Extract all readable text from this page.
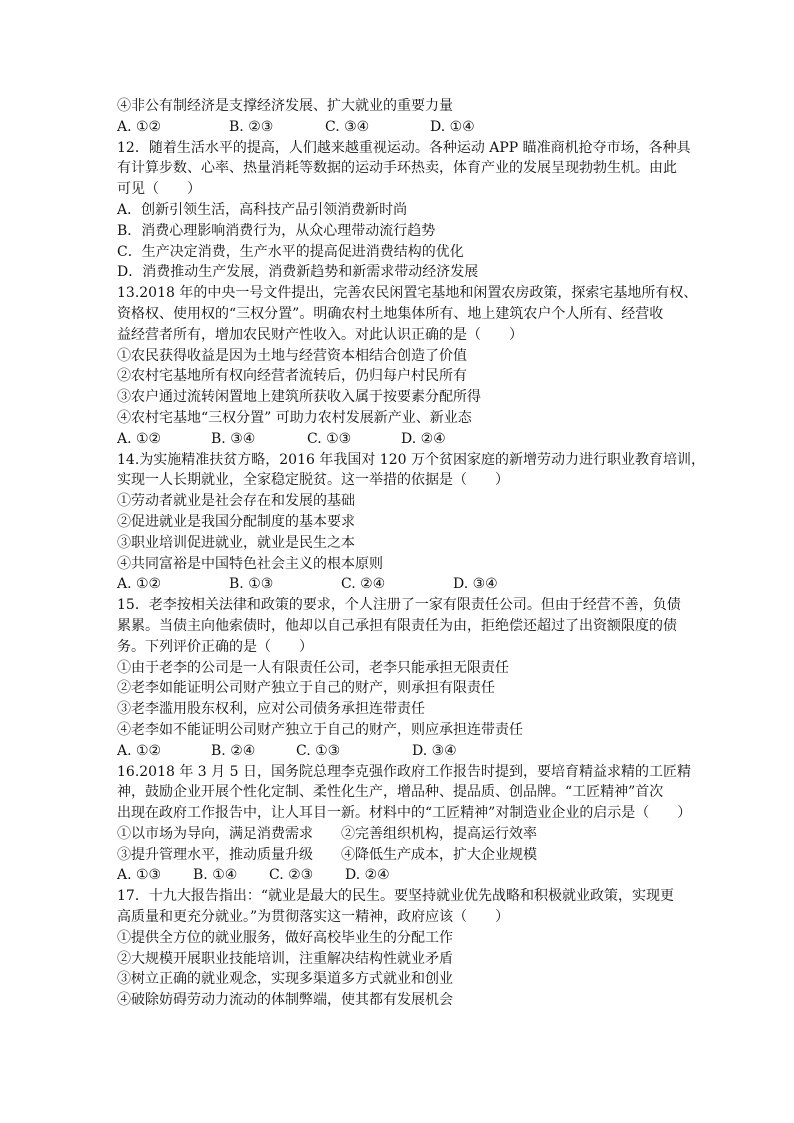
④非公有制经济是支撑经济发展、扩大就业的重要力量
A. ①②	B. ②③	C. ③④	D. ①④
12．随着生活水平的提高，人们越来越重视运动。各种运动 APP 瞄准商机抢夺市场，各种具
有计算步数、心率、热量消耗等数据的运动手环热卖，体育产业的发展呈现勃勃生机。由此
可见（　　）
A．创新引领生活，高科技产品引领消费新时尚
B．消费心理影响消费行为，从众心理带动流行趋势
C．生产决定消费，生产水平的提高促进消费结构的优化
D．消费推动生产发展，消费新趋势和新需求带动经济发展
13.2018 年的中央一号文件提出，完善农民闲置宅基地和闲置农房政策，探索宅基地所有权、
资格权、使用权的“三权分置”。明确农村土地集体所有、地上建筑农户个人所有、经营收
益经营者所有，增加农民财产性收入。对此认识正确的是（　　）
①农民获得收益是因为土地与经营资本相结合创造了价值
②农村宅基地所有权向经营者流转后，仍归每户村民所有
③农户通过流转闲置地上建筑所获收入属于按要素分配所得
④农村宅基地“三权分置” 可助力农村发展新产业、新业态
A. ①②	B. ③④	C. ①③	D. ②④
14.为实施精准扶贫方略，2016 年我国对 120 万个贫困家庭的新增劳动力进行职业教育培训，
实现一人长期就业，全家稳定脱贫。这一举措的依据是（　　）
①劳动者就业是社会存在和发展的基础
②促进就业是我国分配制度的基本要求
③职业培训促进就业，就业是民生之本
④共同富裕是中国特色社会主义的根本原则
A. ①②	B. ①③	C. ②④	D. ③④
15．老李按相关法律和政策的要求，个人注册了一家有限责任公司。但由于经营不善，负债
累累。当债主向他索债时，他却以自己承担有限责任为由，拒绝偿还超过了出资额限度的债
务。下列评价正确的是（　　）
①由于老李的公司是一人有限责任公司，老李只能承担无限责任
②老李如能证明公司财产独立于自己的财产，则承担有限责任
③老李滥用股东权利，应对公司债务承担连带责任
④老李如不能证明公司财产独立于自己的财产，则应承担连带责任
A. ①②	B. ②④	C. ①③	D. ③④
16.2018 年 3 月 5 日，国务院总理李克强作政府工作报告时提到，要培育精益求精的工匠精
神，鼓励企业开展个性化定制、柔性化生产，增品种、提品质、创品牌。“工匠精神”首次
出现在政府工作报告中，让人耳目一新。材料中的“工匠精神”对制造业企业的启示是（　　）
①以市场为导向，满足消费需求　　②完善组织机构，提高运行效率
③提升管理水平，推动质量升级　　④降低生产成本，扩大企业规模
A. ①③	B. ①④	C. ②③	D. ②④
17．十九大报告指出：“就业是最大的民生。要坚持就业优先战略和积极就业政策，实现更
高质量和更充分就业。”为贯彻落实这一精神，政府应该（　　）
①提供全方位的就业服务，做好高校毕业生的分配工作
②大规模开展职业技能培训，注重解决结构性就业矛盾
③树立正确的就业观念，实现多渠道多方式就业和创业
④破除妨碍劳动力流动的体制弊端，使其都有发展机会
